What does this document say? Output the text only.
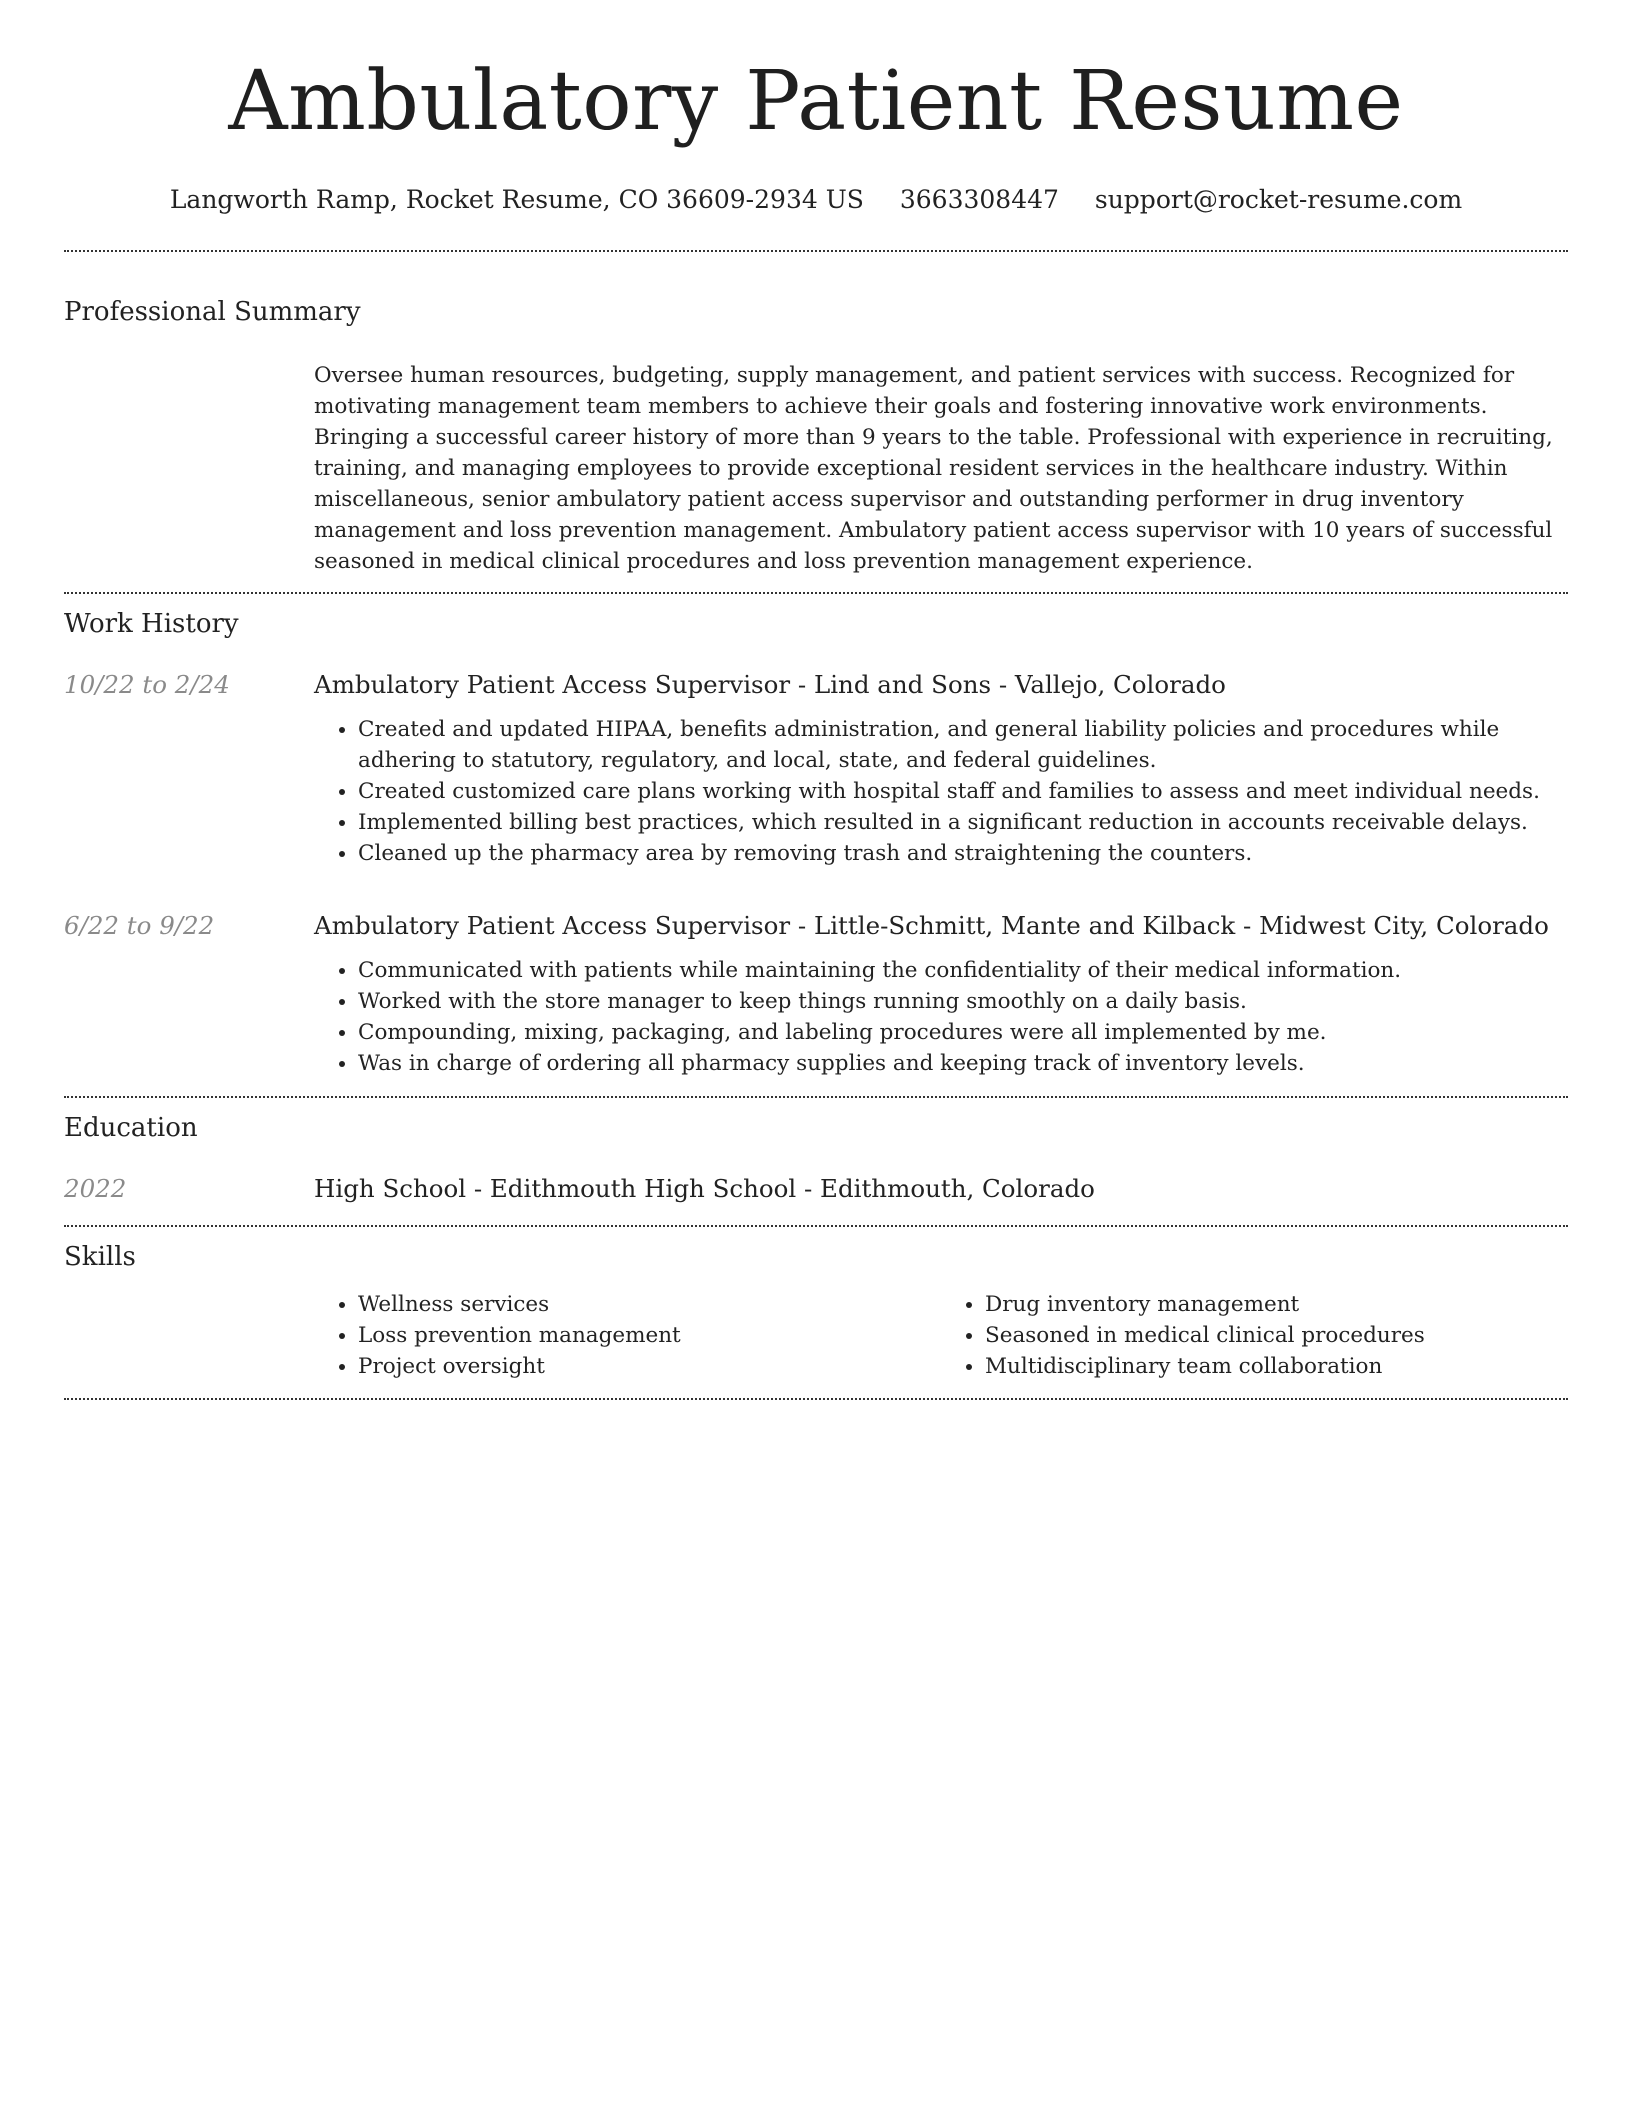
Ambulatory Patient Resume
Langworth Ramp, Rocket Resume, CO 36609-2934 US 3663308447 support@rocket-resume.com
Professional Summary

Oversee human resources, budgeting, supply management, and patient services with success. Recognized for motivating management team members to achieve their goals and fostering innovative work environments. Bringing a successful career history of more than 9 years to the table. Professional with experience in recruiting, training, and managing employees to provide exceptional resident services in the healthcare industry. Within miscellaneous, senior ambulatory patient access supervisor and outstanding performer in drug inventory management and loss prevention management. Ambulatory patient access supervisor with 10 years of successful seasoned in medical clinical procedures and loss prevention management experience.

Work History
10/22 to 2/24	Ambulatory Patient Access Supervisor - Lind and Sons - Vallejo, Colorado
• Created and updated HIPAA, benefits administration, and general liability policies and procedures while adhering to statutory, regulatory, and local, state, and federal guidelines.
• Created customized care plans working with hospital staff and families to assess and meet individual needs.
• Implemented billing best practices, which resulted in a significant reduction in accounts receivable delays.
• Cleaned up the pharmacy area by removing trash and straightening the counters.
6/22 to 9/22	Ambulatory Patient Access Supervisor - Little-Schmitt, Mante and Kilback - Midwest City, Colorado
• Communicated with patients while maintaining the confidentiality of their medical information.
• Worked with the store manager to keep things running smoothly on a daily basis.
• Compounding, mixing, packaging, and labeling procedures were all implemented by me.
• Was in charge of ordering all pharmacy supplies and keeping track of inventory levels.
Education
2022	High School - Edithmouth High School - Edithmouth, Colorado
Skills
• Wellness services
• Loss prevention management
• Project oversight
• Drug inventory management
• Seasoned in medical clinical procedures
• Multidisciplinary team collaboration
